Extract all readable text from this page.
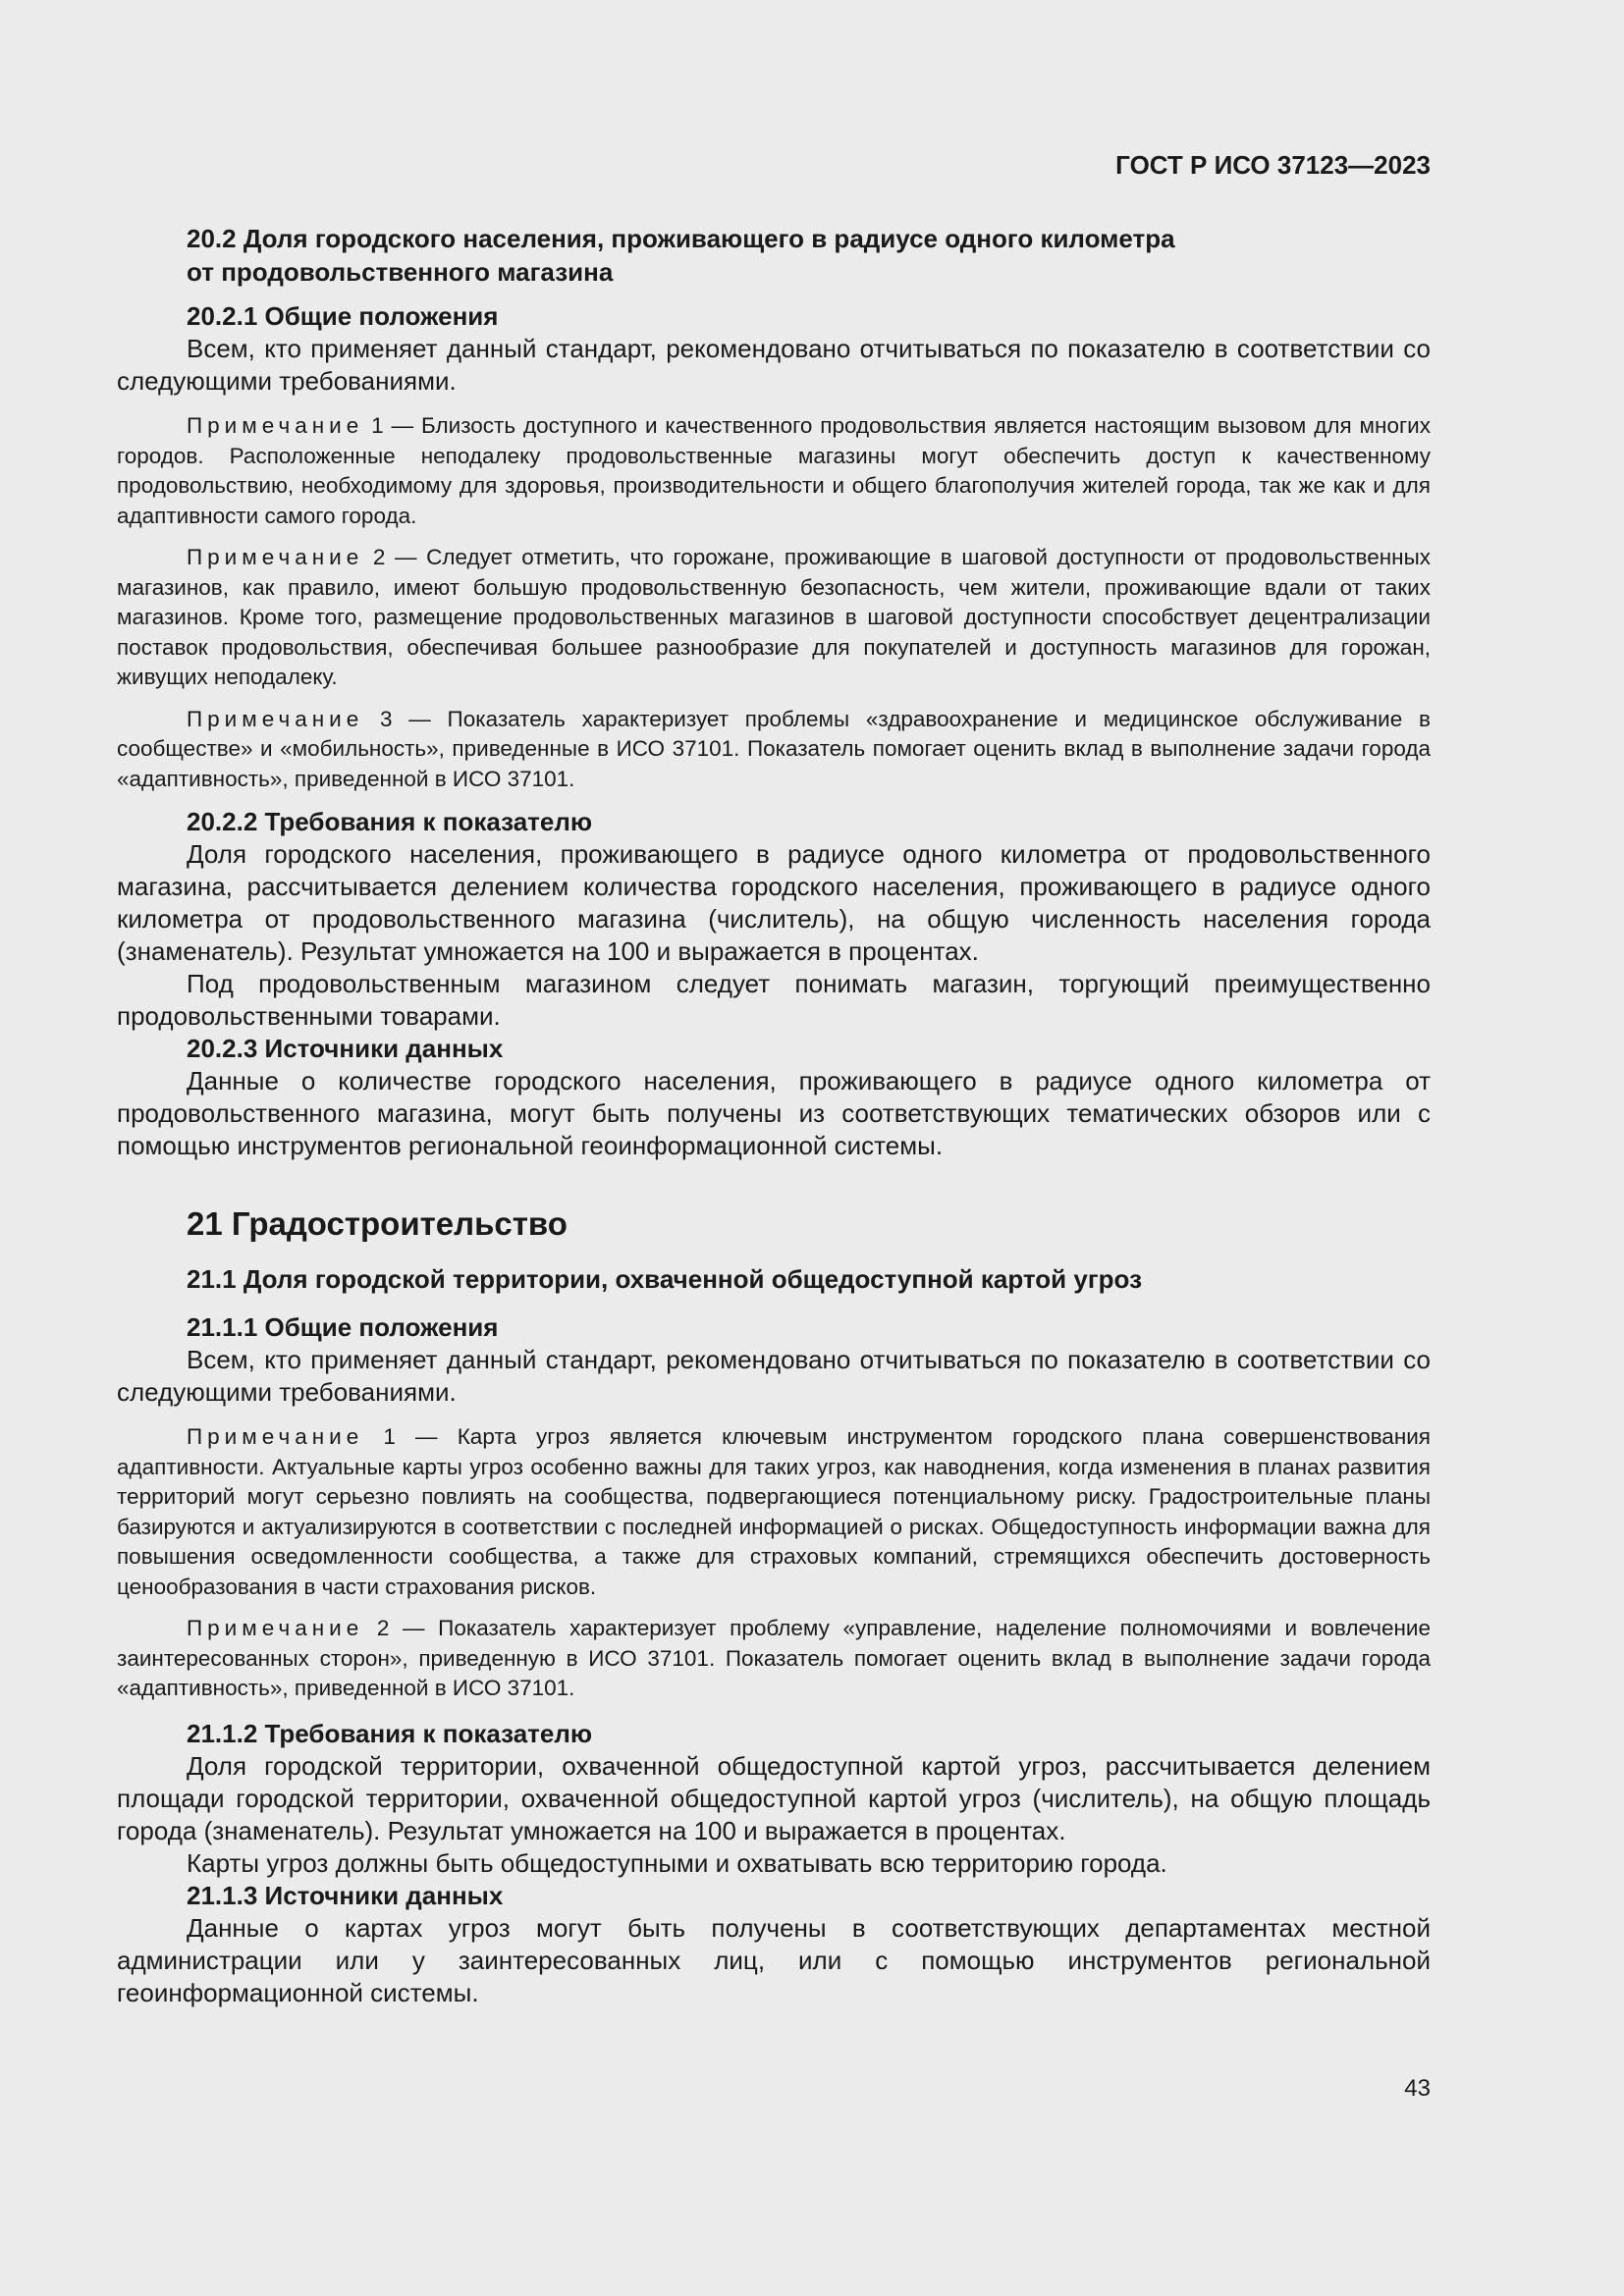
ГОСТ Р ИСО 37123—2023
20.2 Доля городского населения, проживающего в радиусе одного километра
от продовольственного магазина
20.2.1 Общие положения

Всем, кто применяет данный стандарт, рекомендовано отчитываться по показателю в соответствии со следующими требованиями.

Примечание 1 — Близость доступного и качественного продовольствия является настоящим вызовом для многих городов. Расположенные неподалеку продовольственные магазины могут обеспечить доступ к качественному продовольствию, необходимому для здоровья, производительности и общего благополучия жителей города, так же как и для адаптивности самого города.

Примечание 2 — Следует отметить, что горожане, проживающие в шаговой доступности от продовольственных магазинов, как правило, имеют большую продовольственную безопасность, чем жители, проживающие вдали от таких магазинов. Кроме того, размещение продовольственных магазинов в шаговой доступности способствует децентрализации поставок продовольствия, обеспечивая большее разнообразие для покупателей и доступность магазинов для горожан, живущих неподалеку.

Примечание 3 — Показатель характеризует проблемы «здравоохранение и медицинское обслуживание в сообществе» и «мобильность», приведенные в ИСО 37101. Показатель помогает оценить вклад в выполнение задачи города «адаптивность», приведенной в ИСО 37101.

20.2.2 Требования к показателю

Доля городского населения, проживающего в радиусе одного километра от продовольственного магазина, рассчитывается делением количества городского населения, проживающего в радиусе одного километра от продовольственного магазина (числитель), на общую численность населения города (знаменатель). Результат умножается на 100 и выражается в процентах.

Под продовольственным магазином следует понимать магазин, торгующий преимущественно продовольственными товарами.

20.2.3 Источники данных

Данные о количестве городского населения, проживающего в радиусе одного километра от продовольственного магазина, могут быть получены из соответствующих тематических обзоров или с помощью инструментов региональной геоинформационной системы.

21 Градостроительство
21.1 Доля городской территории, охваченной общедоступной картой угроз
21.1.1 Общие положения

Всем, кто применяет данный стандарт, рекомендовано отчитываться по показателю в соответствии со следующими требованиями.

Примечание 1 — Карта угроз является ключевым инструментом городского плана совершенствования адаптивности. Актуальные карты угроз особенно важны для таких угроз, как наводнения, когда изменения в планах развития территорий могут серьезно повлиять на сообщества, подвергающиеся потенциальному риску. Градостроительные планы базируются и актуализируются в соответствии с последней информацией о рисках. Общедоступность информации важна для повышения осведомленности сообщества, а также для страховых компаний, стремящихся обеспечить достоверность ценообразования в части страхования рисков.

Примечание 2 — Показатель характеризует проблему «управление, наделение полномочиями и вовлечение заинтересованных сторон», приведенную в ИСО 37101. Показатель помогает оценить вклад в выполнение задачи города «адаптивность», приведенной в ИСО 37101.

21.1.2 Требования к показателю

Доля городской территории, охваченной общедоступной картой угроз, рассчитывается делением площади городской территории, охваченной общедоступной картой угроз (числитель), на общую площадь города (знаменатель). Результат умножается на 100 и выражается в процентах.

Карты угроз должны быть общедоступными и охватывать всю территорию города.

21.1.3 Источники данных

Данные о картах угроз могут быть получены в соответствующих департаментах местной администрации или у заинтересованных лиц, или с помощью инструментов региональной геоинформационной системы.

43
